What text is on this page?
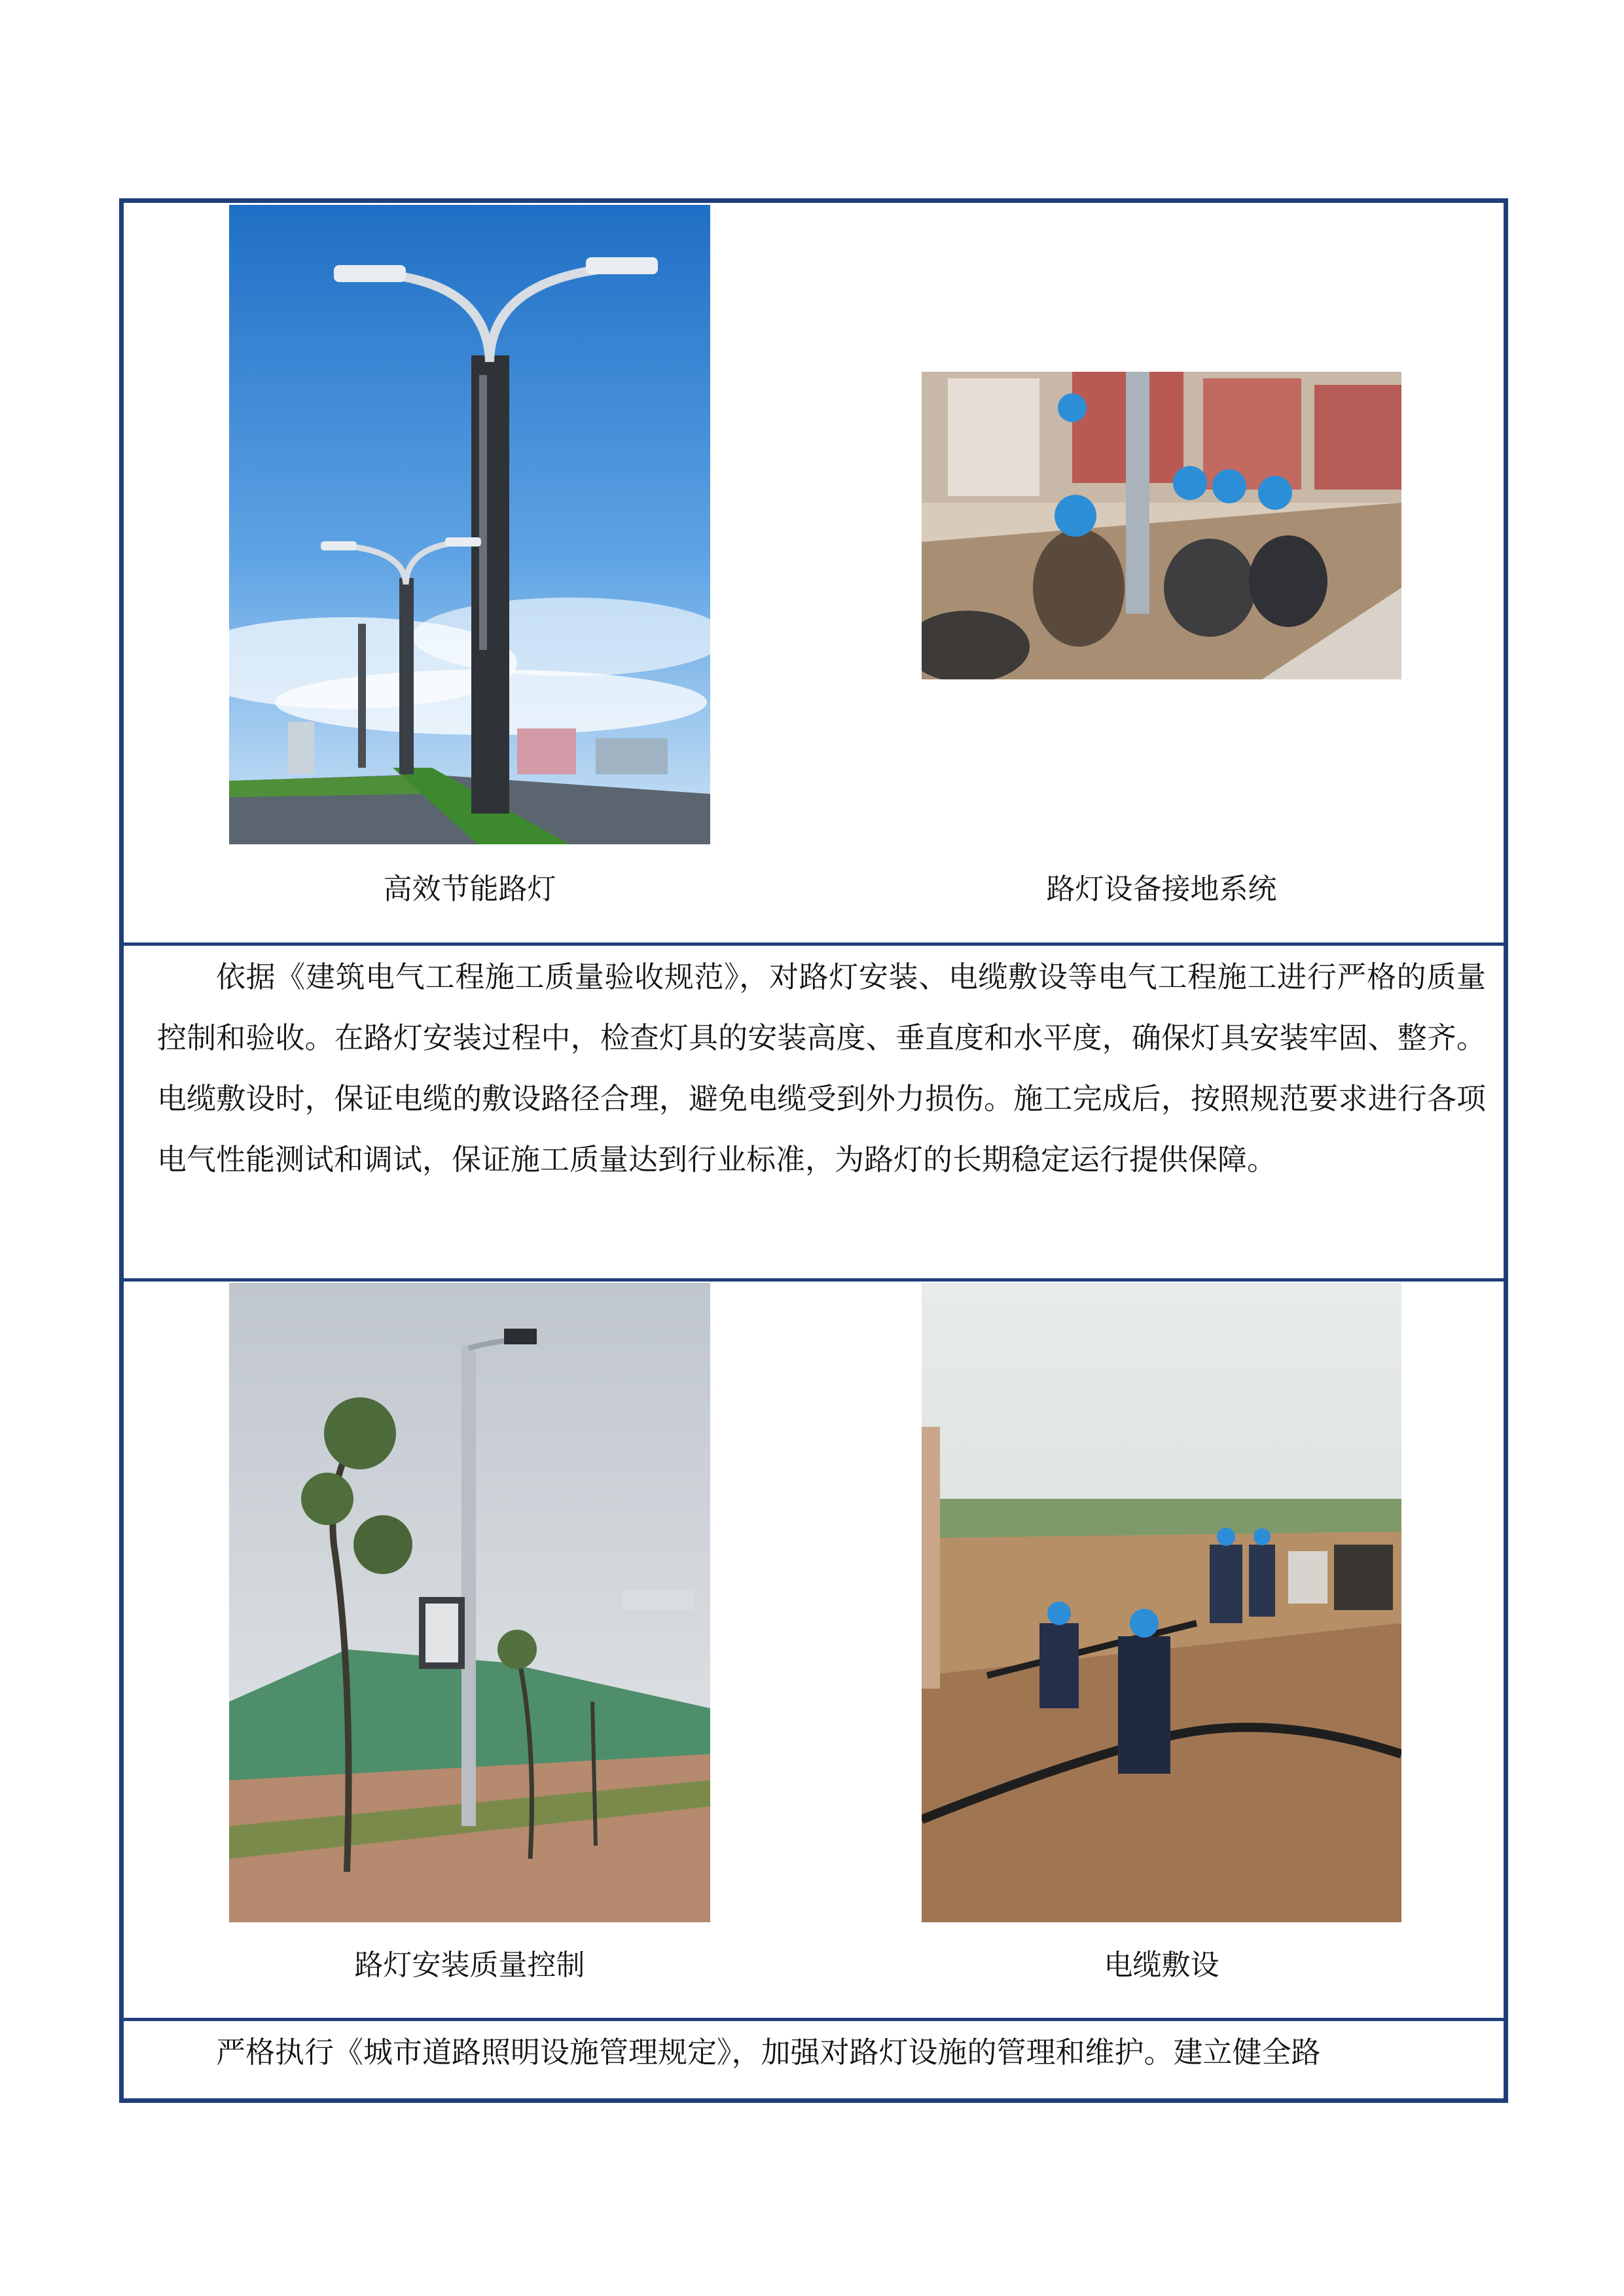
高效节能路灯	路灯设备接地系统

依据《建筑电气工程施工质量验收规范》，对路灯安装、电缆敷设等电气工程施工进行严格的质量控制和验收。在路灯安装过程中，检查灯具的安装高度、垂直度和水平度，确保灯具安装牢固、整齐。电缆敷设时，保证电缆的敷设路径合理，避免电缆受到外力损伤。施工完成后，按照规范要求进行各项电气性能测试和调试，保证施工质量达到行业标准，为路灯的长期稳定运行提供保障。

路灯安装质量控制	电缆敷设

严格执行《城市道路照明设施管理规定》，加强对路灯设施的管理和维护。建立健全路
